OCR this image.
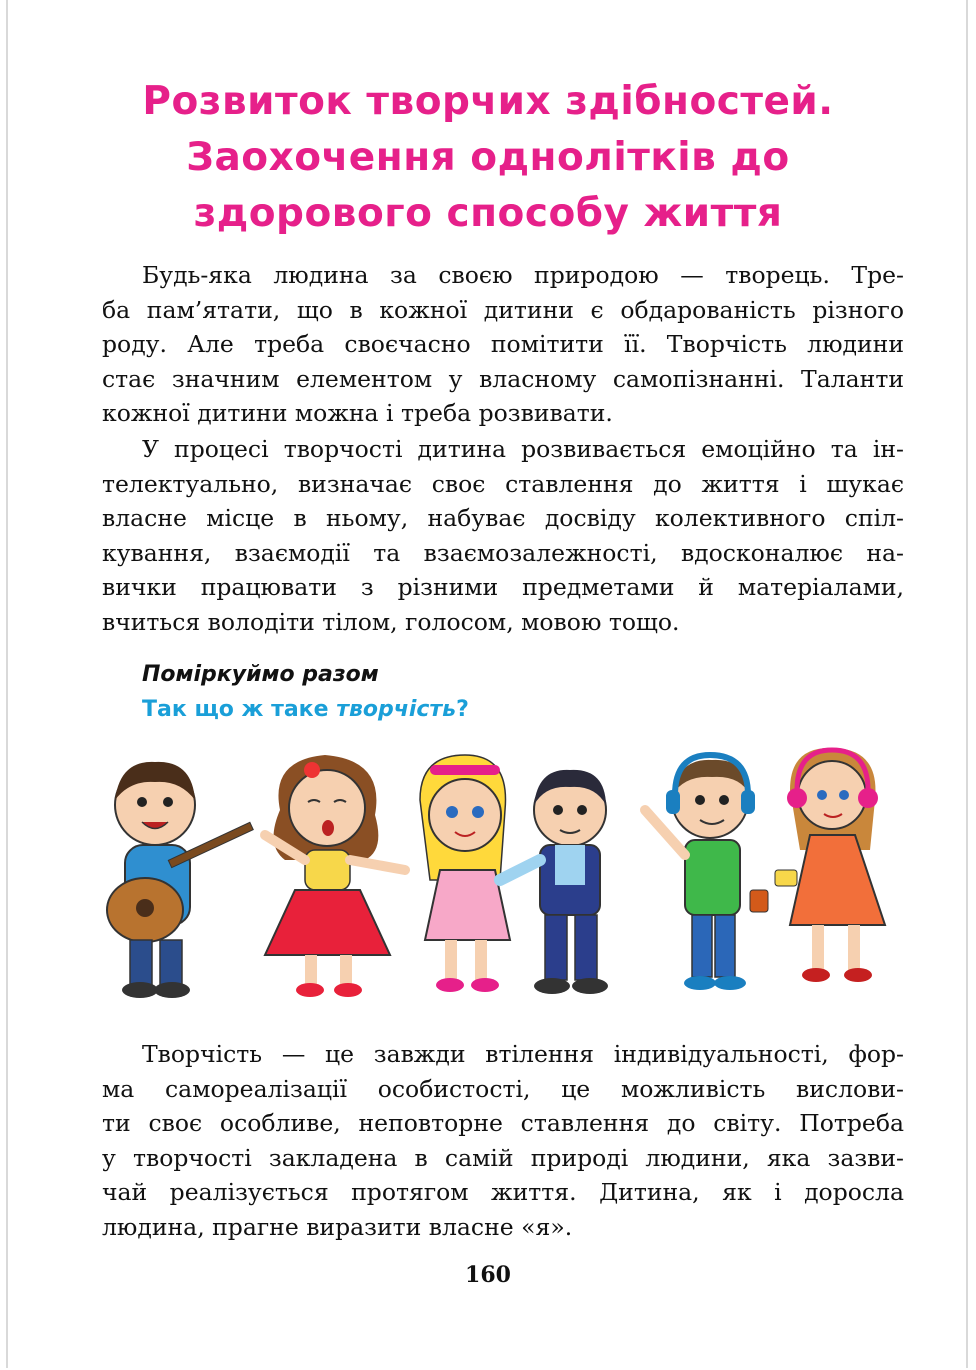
Розвиток творчих здібностей.
Заохочення однолітків до
здорового способу життя

Будь-яка людина за своєю природою — творець. Тре-
ба пам’ятати, що в кожної дитини є обдарованість різного
роду. Але треба своєчасно помітити її. Творчість людини
стає значним елементом у власному самопізнанні. Таланти
кожної дитини можна і треба розвивати.

У процесі творчості дитина розвивається емоційно та ін-
телектуально, визначає своє ставлення до життя і шукає
власне місце в ньому, набуває досвіду колективного спіл-
кування, взаємодії та взаємозалежності, вдосконалює на-
вички працювати з різними предметами й матеріалами,
вчиться володіти тілом, голосом, мовою тощо.

Поміркуймо разом
Так що ж таке творчість?

Творчість — це завжди втілення індивідуальності, фор-
ма самореалізації особистості, це можливість вислови-
ти своє особливе, неповторне ставлення до світу. Потреба
у творчості закладена в самій природі людини, яка зазви-
чай реалізується протягом життя. Дитина, як і доросла
людина, прагне виразити власне «я».

160
